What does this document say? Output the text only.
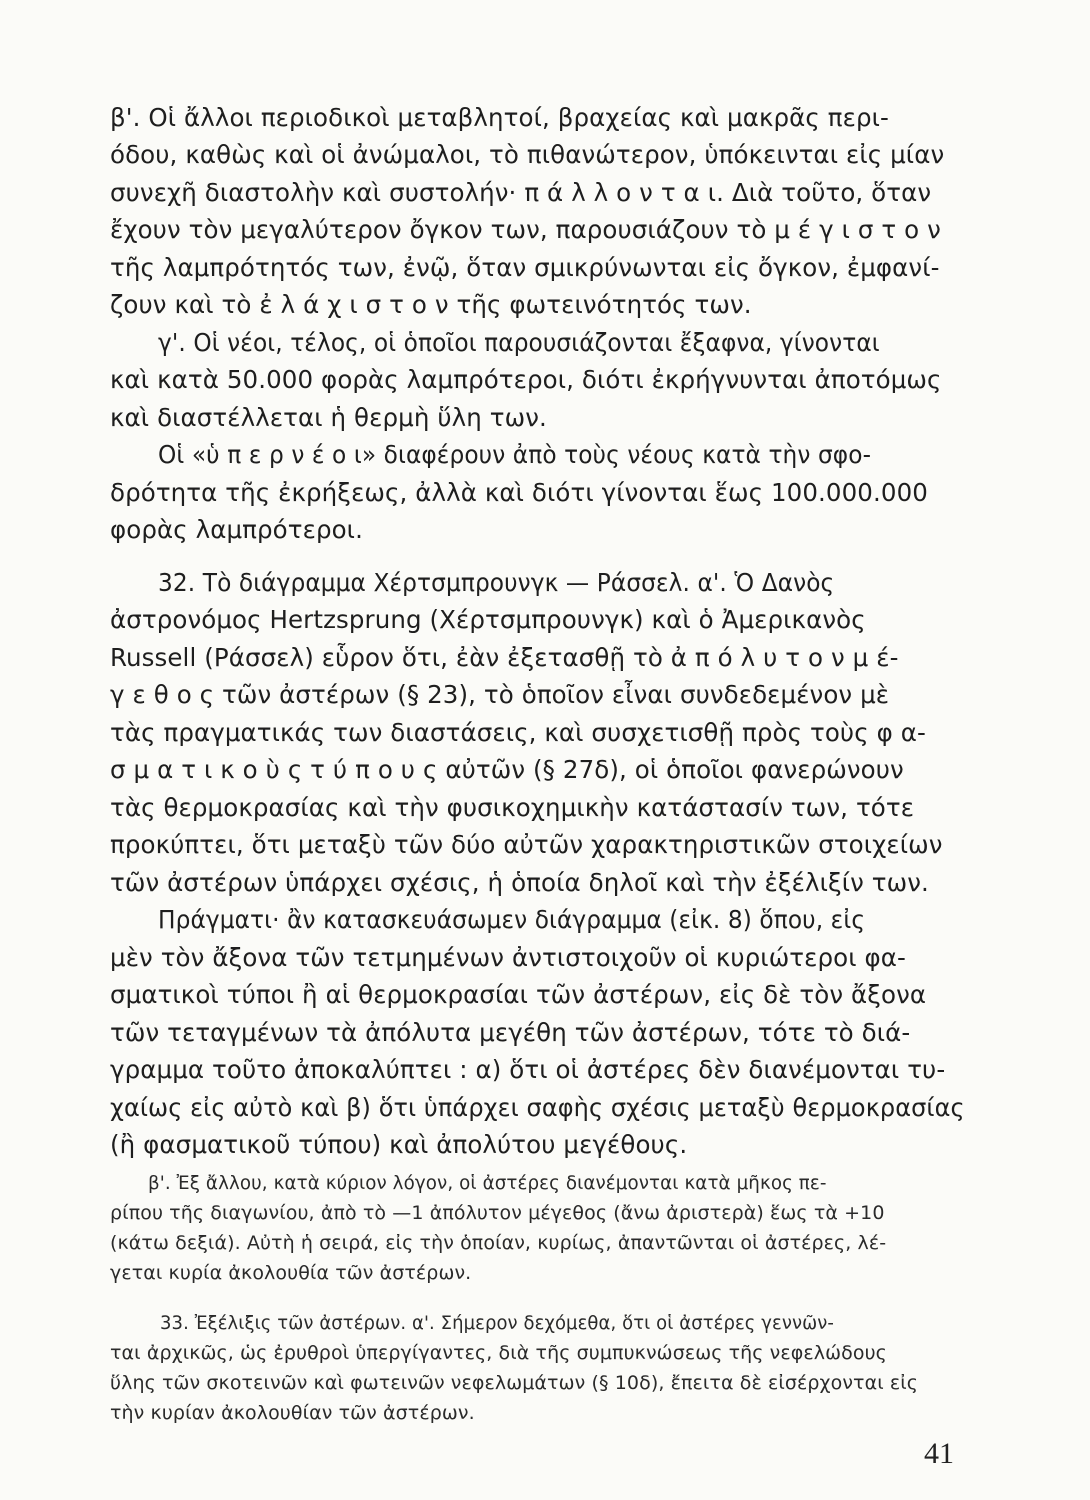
β'. Οἱ ἄλλοι περιοδικοὶ μεταβλητοί, βραχείας καὶ μακρᾶς περι-
όδου, καθὼς καὶ οἱ ἀνώμαλοι, τὸ πιθανώτερον, ὑπόκεινται εἰς μίαν
συνεχῆ διαστολὴν καὶ συστολήν· π ά λ λ ο ν τ α ι. Διὰ τοῦτο, ὅταν
ἔχουν τὸν μεγαλύτερον ὄγκον των, παρουσιάζουν τὸ μ έ γ ι σ τ ο ν
τῆς λαμπρότητός των, ἐνῷ, ὅταν σμικρύνωνται εἰς ὄγκον, ἐμφανί-
ζουν καὶ τὸ ἐ λ ά χ ι σ τ ο ν τῆς φωτεινότητός των.
γ'. Οἱ νέοι, τέλος, οἱ ὁποῖοι παρουσιάζονται ἔξαφνα, γίνονται
καὶ κατὰ 50.000 φορὰς λαμπρότεροι, διότι ἐκρήγνυνται ἀποτόμως
καὶ διαστέλλεται ἡ θερμὴ ὕλη των.
Οἱ «ὑ π ε ρ ν έ ο ι» διαφέρουν ἀπὸ τοὺς νέους κατὰ τὴν σφο-
δρότητα τῆς ἐκρήξεως, ἀλλὰ καὶ διότι γίνονται ἕως 100.000.000
φορὰς λαμπρότεροι.
32. Τὸ διάγραμμα Χέρτσμπρουνγκ — Ράσσελ. α'. Ὁ Δανὸς
ἀστρονόμος Hertzsprung (Χέρτσμπρουνγκ) καὶ ὁ Ἀμερικανὸς
Russell (Ράσσελ) εὗρον ὅτι, ἐὰν ἐξετασθῇ τὸ ἀ π ό λ υ τ ο ν μ έ-
γ ε θ ο ς τῶν ἀστέρων (§ 23), τὸ ὁποῖον εἶναι συνδεδεμένον μὲ
τὰς πραγματικάς των διαστάσεις, καὶ συσχετισθῇ πρὸς τοὺς φ α-
σ μ α τ ι κ ο ὺ ς τ ύ π ο υ ς αὐτῶν (§ 27δ), οἱ ὁποῖοι φανερώνουν
τὰς θερμοκρασίας καὶ τὴν φυσικοχημικὴν κατάστασίν των, τότε
προκύπτει, ὅτι μεταξὺ τῶν δύο αὐτῶν χαρακτηριστικῶν στοιχείων
τῶν ἀστέρων ὑπάρχει σχέσις, ἡ ὁποία δηλοῖ καὶ τὴν ἐξέλιξίν των.
Πράγματι· ἂν κατασκευάσωμεν διάγραμμα (εἰκ. 8) ὅπου, εἰς
μὲν τὸν ἄξονα τῶν τετμημένων ἀντιστοιχοῦν οἱ κυριώτεροι φα-
σματικοὶ τύποι ἢ αἱ θερμοκρασίαι τῶν ἀστέρων, εἰς δὲ τὸν ἄξονα
τῶν τεταγμένων τὰ ἀπόλυτα μεγέθη τῶν ἀστέρων, τότε τὸ διά-
γραμμα τοῦτο ἀποκαλύπτει : α) ὅτι οἱ ἀστέρες δὲν διανέμονται τυ-
χαίως εἰς αὐτὸ καὶ β) ὅτι ὑπάρχει σαφὴς σχέσις μεταξὺ θερμοκρασίας
(ἢ φασματικοῦ τύπου) καὶ ἀπολύτου μεγέθους.
β'. Ἐξ ἄλλου, κατὰ κύριον λόγον, οἱ ἀστέρες διανέμονται κατὰ μῆκος πε-
ρίπου τῆς διαγωνίου, ἀπὸ τὸ —1 ἀπόλυτον μέγεθος (ἄνω ἀριστερὰ) ἕως τὰ +10
(κάτω δεξιά). Αὐτὴ ἡ σειρά, εἰς τὴν ὁποίαν, κυρίως, ἀπαντῶνται οἱ ἀστέρες, λέ-
γεται κυρία ἀκολουθία τῶν ἀστέρων.
33. Ἐξέλιξις τῶν ἀστέρων. α'. Σήμερον δεχόμεθα, ὅτι οἱ ἀστέρες γεννῶν-
ται ἀρχικῶς, ὡς ἐρυθροὶ ὑπεργίγαντες, διὰ τῆς συμπυκνώσεως τῆς νεφελώδους
ὕλης τῶν σκοτεινῶν καὶ φωτεινῶν νεφελωμάτων (§ 10δ), ἔπειτα δὲ εἰσέρχονται εἰς
τὴν κυρίαν ἀκολουθίαν τῶν ἀστέρων.
41
